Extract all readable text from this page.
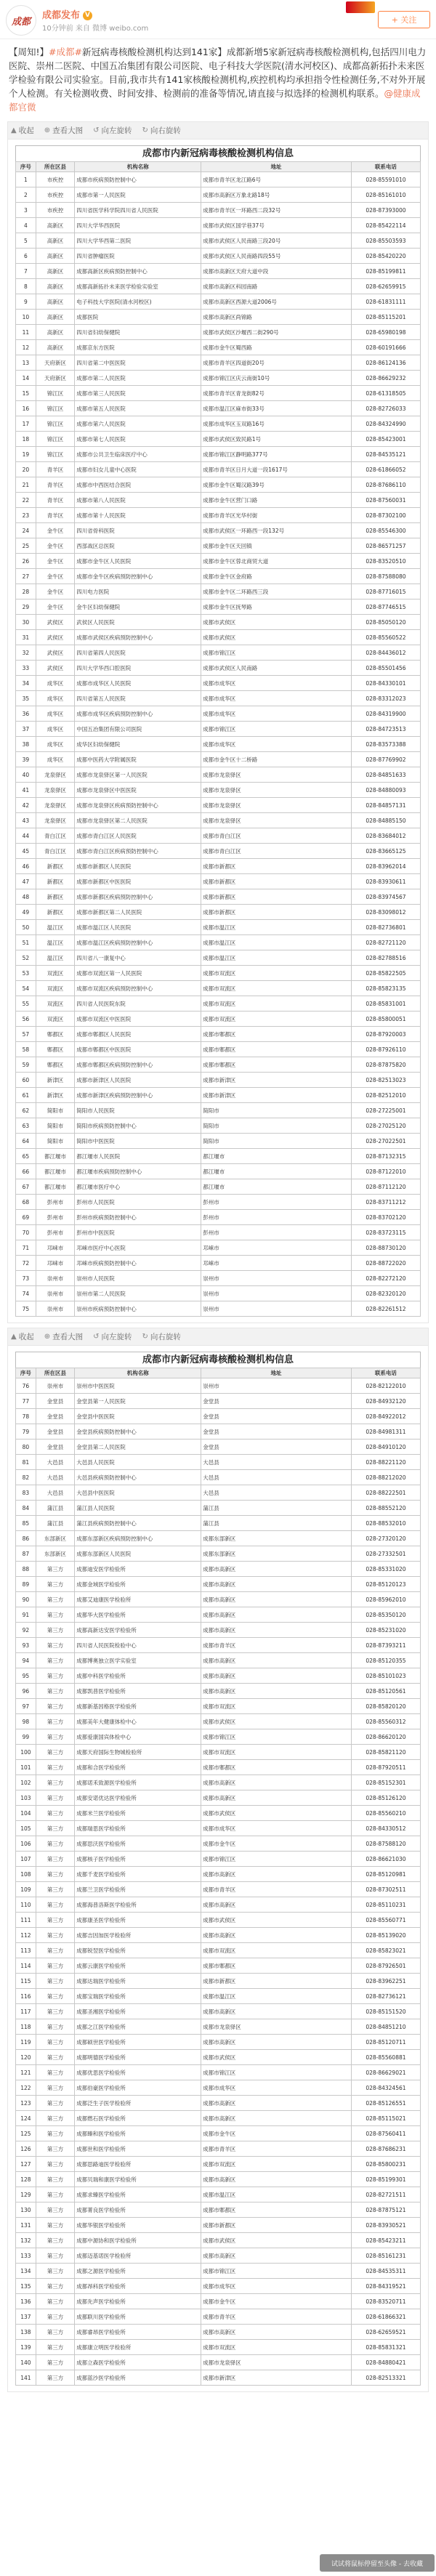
成都
成都发布 V
10分钟前 来自 微博 weibo.com
+ 关注
【周知!】#成都#新冠病毒核酸检测机构达到141家】成都新增5家新冠病毒核酸检测机构,包括四川电力医院、崇州二医院、中国五冶集团有限公司医院、电子科技大学医院(清水河校区)、成都高新拓扑未来医学检验有限公司实验室。目前,我市共有141家核酸检测机构,疾控机构均承担指令性检测任务,不对外开展个人检测。有关检测收费、时间安排、检测前的准备等情况,请直接与拟选择的检测机构联系。@健康成都官微
▲ 收起 ⊕ 查看大图 ↺ 向左旋转 ↻ 向右旋转
成都市内新冠病毒核酸检测机构信息
序号	所在区县	机构名称	地址	联系电话
1	市疾控	成都市疾病预防控制中心	成都市青羊区龙江路6号	028-85591010
2	市疾控	成都市第一人民医院	成都市高新区万象北路18号	028-85161010
3	市疾控	四川省医学科学院四川省人民医院	成都市青羊区一环路西二段32号	028-87393000
4	高新区	四川大学华西医院	成都市武侯区国学巷37号	028-85422114
5	高新区	四川大学华西第二医院	成都市武侯区人民南路三段20号	028-85503593
6	高新区	四川省肿瘤医院	成都市武侯区人民南路四段55号	028-85420220
7	高新区	成都高新区疾病预防控制中心	成都市高新区天府大道中段	028-85199811
8	高新区	成都高新拓扑未来医学检验实验室	成都市高新区科园南路	028-62659915
9	高新区	电子科技大学医院(清水河校区)	成都市高新区西源大道2006号	028-61831111
10	高新区	成都医院	成都市高新区尚锦路	028-85115201
11	高新区	四川省妇幼保健院	成都市武侯区沙堰西二街290号	028-65980198
12	高新区	成都京东方医院	成都市金牛区蜀西路	028-60191666
13	天府新区	四川省第二中医医院	成都市青羊区四道街20号	028-86124136
14	天府新区	成都市第二人民医院	成都市锦江区庆云南街10号	028-86629232
15	锦江区	成都市第三人民医院	成都市青羊区青龙街82号	028-61318505
16	锦江区	成都市第五人民医院	成都市温江区麻市街33号	028-82726033
17	锦江区	成都市第六人民医院	成都市成华区玉双路16号	028-84324990
18	锦江区	成都市第七人民医院	成都市武侯区致民路1号	028-85423001
19	锦江区	成都市公共卫生临床医疗中心	成都市锦江区静明路377号	028-84535121
20	青羊区	成都市妇女儿童中心医院	成都市青羊区日月大道一段1617号	028-61866052
21	青羊区	成都市中西医结合医院	成都市金牛区蜀汉路39号	028-87686110
22	青羊区	成都市第八人民医院	成都市金牛区营门口路	028-87560031
23	青羊区	成都市第十人民医院	成都市青羊区光华村街	028-87302100
24	金牛区	四川省骨科医院	成都市武侯区一环路西一段132号	028-85546300
25	金牛区	西部战区总医院	成都市金牛区天回镇	028-86571257
26	金牛区	成都市金牛区人民医院	成都市金牛区蓉北商贸大道	028-83520510
27	金牛区	成都市金牛区疾病预防控制中心	成都市金牛区金府路	028-87588080
28	金牛区	四川电力医院	成都市金牛区二环路西三段	028-87716015
29	金牛区	金牛区妇幼保健院	成都市金牛区抚琴路	028-87746515
30	武侯区	武侯区人民医院	成都市武侯区	028-85050120
31	武侯区	成都市武侯区疾病预防控制中心	成都市武侯区	028-85560522
32	武侯区	四川省第四人民医院	成都市锦江区	028-84436012
33	武侯区	四川大学华西口腔医院	成都市武侯区人民南路	028-85501456
34	成华区	成都市成华区人民医院	成都市成华区	028-84330101
35	成华区	四川省第五人民医院	成都市成华区	028-83312023
36	成华区	成都市成华区疾病预防控制中心	成都市成华区	028-84319900
37	成华区	中国五冶集团有限公司医院	成都市锦江区	028-84723513
38	成华区	成华区妇幼保健院	成都市成华区	028-83573388
39	成华区	成都中医药大学附属医院	成都市金牛区十二桥路	028-87769902
40	龙泉驿区	成都市龙泉驿区第一人民医院	成都市龙泉驿区	028-84851633
41	龙泉驿区	成都市龙泉驿区中医医院	成都市龙泉驿区	028-84880093
42	龙泉驿区	成都市龙泉驿区疾病预防控制中心	成都市龙泉驿区	028-84857131
43	龙泉驿区	成都市龙泉驿区第二人民医院	成都市龙泉驿区	028-84885150
44	青白江区	成都市青白江区人民医院	成都市青白江区	028-83684012
45	青白江区	成都市青白江区疾病预防控制中心	成都市青白江区	028-83665125
46	新都区	成都市新都区人民医院	成都市新都区	028-83962014
47	新都区	成都市新都区中医医院	成都市新都区	028-83930611
48	新都区	成都市新都区疾病预防控制中心	成都市新都区	028-83974567
49	新都区	成都市新都区第二人民医院	成都市新都区	028-83098012
50	温江区	成都市温江区人民医院	成都市温江区	028-82736801
51	温江区	成都市温江区疾病预防控制中心	成都市温江区	028-82721120
52	温江区	四川省八一康复中心	成都市温江区	028-82788516
53	双流区	成都市双流区第一人民医院	成都市双流区	028-85822505
54	双流区	成都市双流区疾病预防控制中心	成都市双流区	028-85823135
55	双流区	四川省人民医院东院	成都市双流区	028-85831001
56	双流区	成都市双流区中医医院	成都市双流区	028-85800051
57	郫都区	成都市郫都区人民医院	成都市郫都区	028-87920003
58	郫都区	成都市郫都区中医医院	成都市郫都区	028-87926110
59	郫都区	成都市郫都区疾病预防控制中心	成都市郫都区	028-87875820
60	新津区	成都市新津区人民医院	成都市新津区	028-82513023
61	新津区	成都市新津区疾病预防控制中心	成都市新津区	028-82512010
62	简阳市	简阳市人民医院	简阳市	028-27225001
63	简阳市	简阳市疾病预防控制中心	简阳市	028-27025120
64	简阳市	简阳市中医医院	简阳市	028-27022501
65	都江堰市	都江堰市人民医院	都江堰市	028-87132315
66	都江堰市	都江堰市疾病预防控制中心	都江堰市	028-87122010
67	都江堰市	都江堰市医疗中心	都江堰市	028-87112120
68	彭州市	彭州市人民医院	彭州市	028-83711212
69	彭州市	彭州市疾病预防控制中心	彭州市	028-83702120
70	彭州市	彭州市中医医院	彭州市	028-83723115
71	邛崃市	邛崃市医疗中心医院	邛崃市	028-88730120
72	邛崃市	邛崃市疾病预防控制中心	邛崃市	028-88722020
73	崇州市	崇州市人民医院	崇州市	028-82272120
74	崇州市	崇州市第二人民医院	崇州市	028-82320120
75	崇州市	崇州市疾病预防控制中心	崇州市	028-82261512
▲ 收起 ⊕ 查看大图 ↺ 向左旋转 ↻ 向右旋转
成都市内新冠病毒核酸检测机构信息
序号	所在区县	机构名称	地址	联系电话
76	崇州市	崇州市中医医院	崇州市	028-82122010
77	金堂县	金堂县第一人民医院	金堂县	028-84932120
78	金堂县	金堂县中医医院	金堂县	028-84922012
79	金堂县	金堂县疾病预防控制中心	金堂县	028-84981311
80	金堂县	金堂县第二人民医院	金堂县	028-84910120
81	大邑县	大邑县人民医院	大邑县	028-88221120
82	大邑县	大邑县疾病预防控制中心	大邑县	028-88212020
83	大邑县	大邑县中医医院	大邑县	028-88222501
84	蒲江县	蒲江县人民医院	蒲江县	028-88552120
85	蒲江县	蒲江县疾病预防控制中心	蒲江县	028-88532010
86	东部新区	成都东部新区疾病预防控制中心	成都东部新区	028-27320120
87	东部新区	成都东部新区人民医院	成都东部新区	028-27332501
88	第三方	成都迪安医学检验所	成都市高新区	028-85331020
89	第三方	成都金域医学检验所	成都市高新区	028-85120123
90	第三方	成都艾迪康医学检验所	成都市高新区	028-85962010
91	第三方	成都华大医学检验所	成都市高新区	028-85350120
92	第三方	成都高新达安医学检验所	成都市高新区	028-85231020
93	第三方	四川省人民医院检验中心	成都市青羊区	028-87393211
94	第三方	成都博奥独立医学实验室	成都市高新区	028-85120355
95	第三方	成都中科医学检验所	成都市高新区	028-85101023
96	第三方	成都凯普医学检验所	成都市高新区	028-85120561
97	第三方	成都新基因格医学检验所	成都市双流区	028-85820120
98	第三方	成都美年大健康体检中心	成都市武侯区	028-85560312
99	第三方	成都爱康国宾体检中心	成都市锦江区	028-86620120
100	第三方	成都天府国际生物城检验所	成都市双流区	028-85821120
101	第三方	成都和合医学检验所	成都市郫都区	028-87920511
102	第三方	成都诺禾致源医学检验所	成都市高新区	028-85152301
103	第三方	成都安诺优达医学检验所	成都市高新区	028-85126120
104	第三方	成都米兰医学检验所	成都市武侯区	028-85560210
105	第三方	成都瑞思医学检验所	成都市成华区	028-84330512
106	第三方	成都思沃医学检验所	成都市金牛区	028-87588120
107	第三方	成都核子医学检验所	成都市锦江区	028-86621030
108	第三方	成都千麦医学检验所	成都市高新区	028-85120981
109	第三方	成都兰卫医学检验所	成都市青羊区	028-87302511
110	第三方	成都海普洛斯医学检验所	成都市高新区	028-85110231
111	第三方	成都康圣医学检验所	成都市武侯区	028-85560771
112	第三方	成都吉因加医学检验所	成都市高新区	028-85139020
113	第三方	成都锐翌医学检验所	成都市双流区	028-85823021
114	第三方	成都云康医学检验所	成都市郫都区	028-87926501
115	第三方	成都达瑞医学检验所	成都市新都区	028-83962251
116	第三方	成都宝瑞医学检验所	成都市温江区	028-82736121
117	第三方	成都圣湘医学检验所	成都市高新区	028-85151520
118	第三方	成都之江医学检验所	成都市龙泉驿区	028-84851210
119	第三方	成都硕世医学检验所	成都市高新区	028-85120711
120	第三方	成都明德医学检验所	成都市武侯区	028-85560881
121	第三方	成都优思医学检验所	成都市锦江区	028-86629021
122	第三方	成都伯豪医学检验所	成都市成华区	028-84324561
123	第三方	成都泛生子医学检验所	成都市高新区	028-85126551
124	第三方	成都燃石医学检验所	成都市高新区	028-85115021
125	第三方	成都臻和医学检验所	成都市金牛区	028-87560411
126	第三方	成都世和医学检验所	成都市青羊区	028-87686231
127	第三方	成都思路迪医学检验所	成都市双流区	028-85800231
128	第三方	成都贝瑞和康医学检验所	成都市高新区	028-85199301
129	第三方	成都求臻医学检验所	成都市温江区	028-82721511
130	第三方	成都菁良医学检验所	成都市郫都区	028-87875121
131	第三方	成都华银医学检验所	成都市新都区	028-83930521
132	第三方	成都中源协和医学检验所	成都市武侯区	028-85423211
133	第三方	成都迈基诺医学检验所	成都市高新区	028-85161231
134	第三方	成都之源医学检验所	成都市锦江区	028-84535311
135	第三方	成都昂科医学检验所	成都市成华区	028-84319521
136	第三方	成都先声医学检验所	成都市金牛区	028-83520711
137	第三方	成都联川医学检验所	成都市青羊区	028-61866321
138	第三方	成都睿昂医学检验所	成都市高新区	028-62659521
139	第三方	成都康立明医学检验所	成都市双流区	028-85831321
140	第三方	成都立森医学检验所	成都市龙泉驿区	028-84880421
141	第三方	成都蓝沙医学检验所	成都市新津区	028-82513321
试试将鼠标停留至头像 - 去收藏
